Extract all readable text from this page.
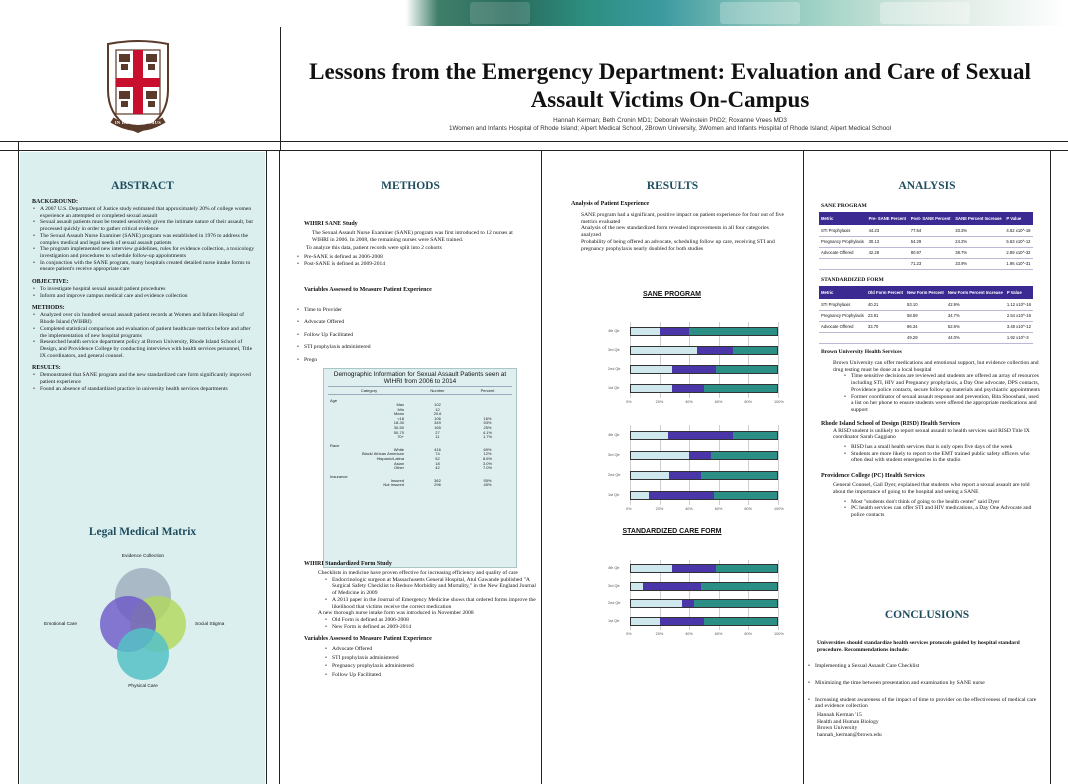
IN DEO SPERAMUS
Lessons from the Emergency Department: Evaluation and Care of Sexual Assault Victims On-Campus
Hannah Kerman; Beth Cronin MD1; Deborah Weinstein PhD2; Roxanne Vrees MD3
1Women and Infants Hospital of Rhode Island; Alpert Medical School, 2Brown University, 3Women and Infants Hospital of Rhode Island; Alpert Medical School
ABSTRACT
BACKGROUND:
• A 2007 U.S. Department of Justice study estimated that approximately 20% of college women experience an attempted or completed sexual assault
• Sexual assault patients must be treated sensitively given the intimate nature of their assault, but processed quickly in order to gather critical evidence
• The Sexual Assault Nurse Examiner (SANE) program was established in 1976 to address the complex medical and legal needs of sexual assault patients
• The program implemented new interview guidelines, rules for evidence collection, a toxicology investigation and procedures to schedule follow-up appointments
• In conjunction with the SANE program, many hospitals created detailed nurse intake forms to ensure patient's receive appropriate care
OBJECTIVE:
• To investigate hospital sexual assault patient procedures
• Inform and improve campus medical care and evidence collection
METHODS:
• Analyzed over six hundred sexual assault patient records at Women and Infants Hospital of Rhode Island (WIHRI)
• Completed statistical comparison and evaluation of patient healthcare metrics before and after the implementation of new hospital programs
• Researched health service department policy at Brown University, Rhode Island School of Design, and Providence College by conducting interviews with health services personnel, Title IX coordinators, and general counsel.
RESULTS:
• Demonstrated that SANE program and the new standardized care form significantly improved patient experience
• Found an absence of standardized practice in university health services departments
Legal Medical Matrix
Evidence Collection
Emotional Care	Social Stigma
Physical Care
METHODS
WIHRI SANE Study
The Sexual Assault Nurse Examiner (SANE) program was first introduced to 12 nurses at WIHRI in 2006. In 2008, the remaining nurses were SANE trained.
To analyze this data, patient records were split into 2 cohorts
• Pre-SANE is defined as 2006-2008
• Post-SANE is defined as 2009-2014
Variables Assessed to Measure Patient Experience
• Time to Provider
• Advocate Offered
• Follow Up Facilitated
• STI prophylaxis administered
• Pregn
Demographic Information for Sexual Assault Patients seen at WIHRI from 2006 to 2014
Category	Number	Percent
Age
Max	102
Min	12
Mean	20.6
<18	106	16%
18-30	349	53%
30-50	165	25%
50-70	27	4.1%
70+	11	1.7%
Race
White	416	69%
Black/ African American	74	12%
Hispanic/Latina	52	8.6%
Asian	18	3.0%
Other	42	7.0%
Insurance
Insured	362	55%
Not Insured	296	45%
WIHRI Standardized Form Study
Checklists in medicine have proven effective for increasing efficiency and quality of care
• Endocrinologic surgeon at Massachusetts General Hospital, Atul Gawande published "A Surgical Safety Checklist to Reduce Morbidity and Mortality," in the New England Journal of Medicine in 2009
• A 2013 paper in the Journal of Emergency Medicine shows that ordered forms improve the likelihood that victims receive the correct medication
A new thorough nurse intake form was introduced in November 2008
• Old Form is defined as 2006-2008
• New Form is defined as 2009-2014
Variables Assessed to Measure Patient Experience
• Advocate Offered
• STI prophylaxis administered
• Pregnancy prophylaxis administered
• Follow Up Facilitated
RESULTS
Analysis of Patient Experience
SANE program had a significant, positive impact on patient experience for four out of five metrics evaluated
Analysis of the new standardized form revealed improvements in all four categories analyzed
Probability of being offered an advocate, scheduling follow up care, receiving STI and pregnancy prophylaxis nearly doubled for both studies
SANE PROGRAM
STANDARDIZED CARE FORM
0%	20%	40%	60%	80%	100%
1st Qtr
2nd Qtr
3rd Qtr
4th Qtr
0%	20%	40%	60%	80%	100%
1st Qtr
2nd Qtr
3rd Qtr
4th Qtr
0%	20%	40%	60%	80%	100%
1st Qtr
2nd Qtr
3rd Qtr
4th Qtr
ANALYSIS
SANE PROGRAM
Metric	Pre- SANE Percent	Post- SANE Percent	SANE Percent Increase	P Value
STI Prophylaxis	44.23	77.54	33.3%	4.62 x10^-18
Pregnancy Prophylaxis	30.13	54.29	24.2%	5.63 x10^-12
Advocate Offered	42.28	80.97	38.7%	2.89 x10^-32
		71.23	33.9%	1.96 x10^-31
STANDARDIZED FORM
Metric	Old Form Percent	New Form Percent	New Form Percent Increase	P Value
STI Prophylaxis	40.21	53.10	42.9%	1.12 x10^-16
Pregnancy Prophylaxis	23.91	58.59	34.7%	2.54 x10^-16
Advocate Offered	33.70	86.34	52.6%	3.48 x10^-12
		49.29	44.0%	1.92 x10^-3
Brown University Health Services
Brown University can offer medications and emotional support, but evidence collection and drug testing must be done at a local hospital
• Time sensitive decisions are reviewed and students are offered an array of resources including STI, HIV and Pregnancy prophylaxis, a Day One advocate, DPS contacts, Providence police contacts, secure follow up materials and psychiatric appointments
• Former coordinator of sexual assault response and prevention, Bita Shooshani, used a list on her phone to ensure students were offered the appropriate medications and support
Rhode Island School of Design (RISD) Health Services
A RISD student is unlikely to report sexual assault to health services said RISD Title IX coordinator Sarah Caggiano
• RISD has a small health services that is only open five days of the week
• Students are more likely to report to the EMT trained public safety officers who often deal with student emergencies in the studio
Providence College (PC) Health Services
General Counsel, Gail Dyer, explained that students who report a sexual assault are told about the importance of going to the hospital and seeing a SANE
• Most "students don't think of going to the health center" said Dyer
• PC health services can offer STI and HIV medications, a Day One Advocate and police contacts
CONCLUSIONS
Universities should standardize health services protocols guided by hospital standard procedure. Recommendations include:
• Implementing a Sexual Assault Care Checklist
• Minimizing the time between presentation and examination by SANE nurse
• Increasing student awareness of the impact of time to provider on the effectiveness of medical care and evidence collection
Hannah Kerman '15
Health and Human Biology
Brown University
hannah_kerman@brown.edu
